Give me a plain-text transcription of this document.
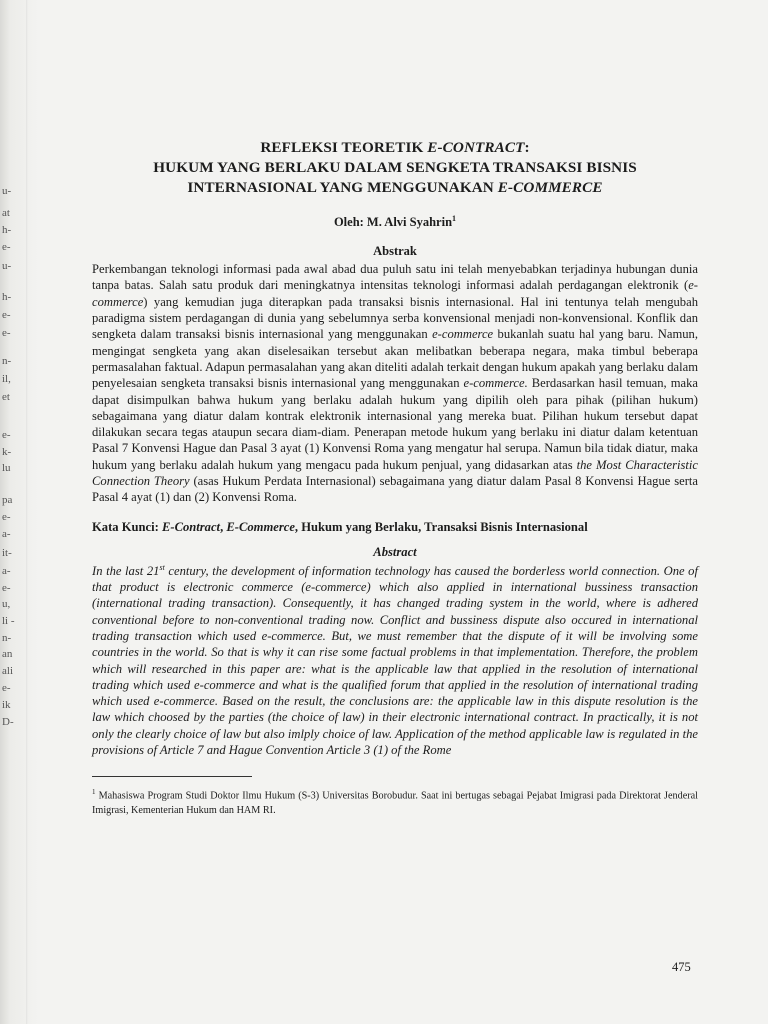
u-
at
h-
e-
u-
h-
e-
e-
n-
il,
et
e-
k-
lu
pa
e-
a-
it-
a-
e-
u,
li -
n-
an
ali
e-
ik
D-
REFLEKSI TEORETIK E-CONTRACT:
HUKUM YANG BERLAKU DALAM SENGKETA TRANSAKSI BISNIS
INTERNASIONAL YANG MENGGUNAKAN E-COMMERCE
Oleh: M. Alvi Syahrin$^1$
Abstrak

Perkembangan teknologi informasi pada awal abad dua puluh satu ini telah menyebabkan terjadinya hubungan dunia tanpa batas. Salah satu produk dari meningkatnya intensitas teknologi informasi adalah perdagangan elektronik (e-commerce) yang kemudian juga diterapkan pada transaksi bisnis internasional. Hal ini tentunya telah mengubah paradigma sistem perdagangan di dunia yang sebelumnya serba konvensional menjadi non-konvensional. Konflik dan sengketa dalam transaksi bisnis internasional yang menggunakan e-commerce bukanlah suatu hal yang baru. Namun, mengingat sengketa yang akan diselesaikan tersebut akan melibatkan beberapa negara, maka timbul beberapa permasalahan faktual. Adapun permasalahan yang akan diteliti adalah terkait dengan hukum apakah yang berlaku dalam penyelesaian sengketa transaksi bisnis internasional yang menggunakan e-commerce. Berdasarkan hasil temuan, maka dapat disimpulkan bahwa hukum yang berlaku adalah hukum yang dipilih oleh para pihak (pilihan hukum) sebagaimana yang diatur dalam kontrak elektronik internasional yang mereka buat. Pilihan hukum tersebut dapat dilakukan secara tegas ataupun secara diam-diam. Penerapan metode hukum yang berlaku ini diatur dalam ketentuan Pasal 7 Konvensi Hague dan Pasal 3 ayat (1) Konvensi Roma yang mengatur hal serupa. Namun bila tidak diatur, maka hukum yang berlaku adalah hukum yang mengacu pada hukum penjual, yang didasarkan atas the Most Characteristic Connection Theory (asas Hukum Perdata Internasional) sebagaimana yang diatur dalam Pasal 8 Konvensi Hague serta Pasal 4 ayat (1) dan (2) Konvensi Roma.

Kata Kunci: E-Contract, E-Commerce, Hukum yang Berlaku, Transaksi Bisnis Internasional
Abstract

In the last 21st century, the development of information technology has caused the borderless world connection. One of that product is electronic commerce (e-commerce) which also applied in international bussiness transaction (international trading transaction). Consequently, it has changed trading system in the world, where is adhered conventional before to non-conventional trading now. Conflict and bussiness dispute also occured in international trading transaction which used e-commerce. But, we must remember that the dispute of it will be involving some countries in the world. So that is why it can rise some factual problems in that implementation. Therefore, the problem which will researched in this paper are: what is the applicable law that applied in the resolution of international trading which used e-commerce and what is the qualified forum that applied in the resolution of international trading which used e-commerce. Based on the result, the conclusions are: the applicable law in this dispute resolution is the law which choosed by the parties (the choice of law) in their electronic international contract. In practically, it is not only the clearly choice of law but also imlply choice of law. Application of the method applicable law is regulated in the provisions of Article 7 and Hague Convention Article 3 (1) of the Rome

$^1$ Mahasiswa Program Studi Doktor Ilmu Hukum (S-3) Universitas Borobudur. Saat ini bertugas sebagai Pejabat Imigrasi pada Direktorat Jenderal Imigrasi, Kementerian Hukum dan HAM RI.
475
